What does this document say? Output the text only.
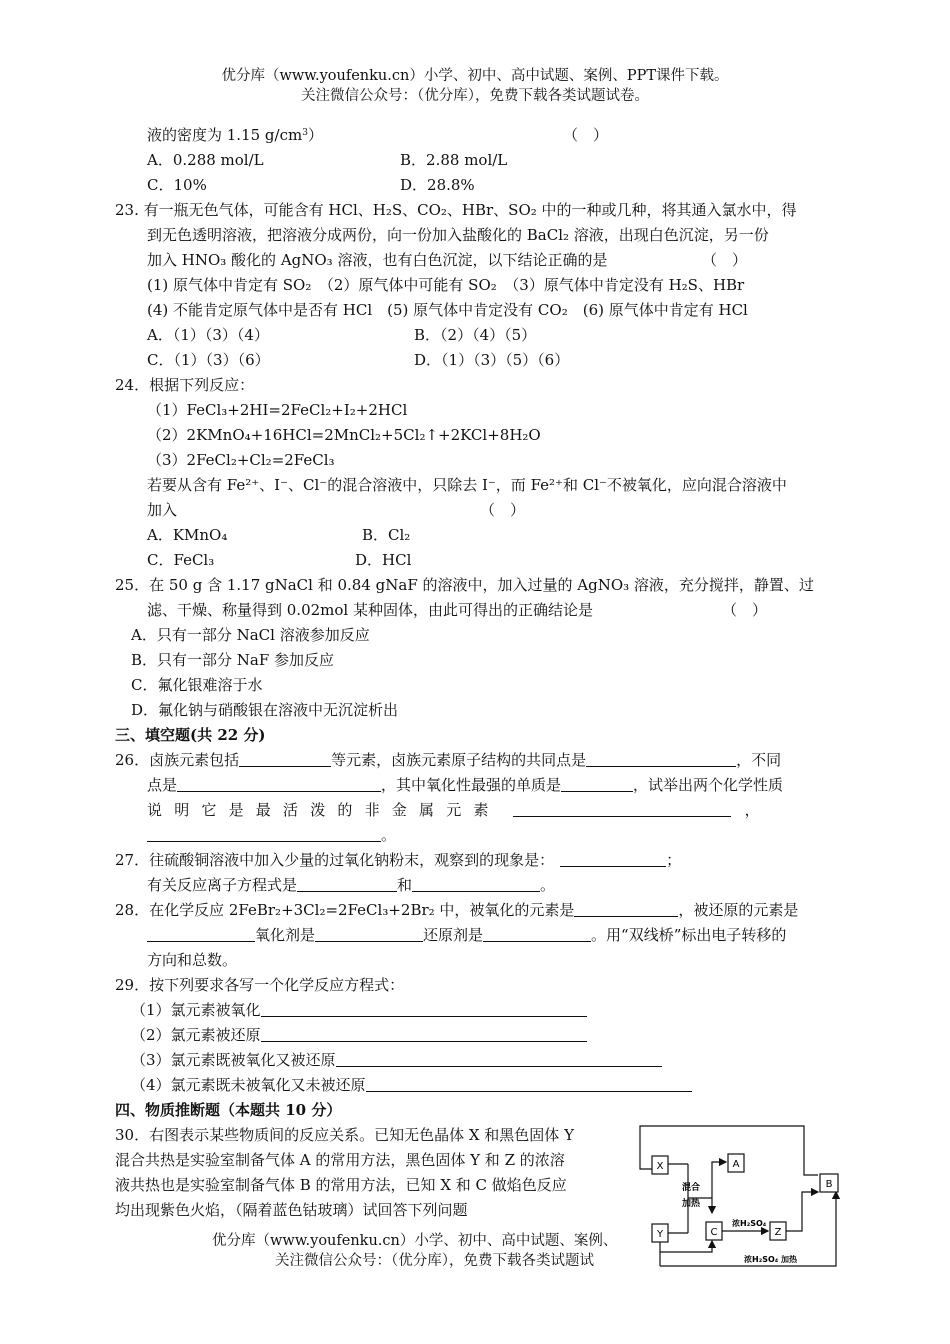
优分库（www.youfenku.cn）小学、初中、高中试题、案例、PPT课件下载。
关注微信公众号：（优分库），免费下载各类试题试卷。
液的密度为 1.15 $g/cm^3$）	（　）
A．0.288 mol/L	B．2.88 mol/L
C．10%	D．28.8%
23. 有一瓶无色气体，可能含有 HCl、H₂S、CO₂、HBr、SO₂ 中的一种或几种，将其通入氯水中，得
到无色透明溶液，把溶液分成两份，向一份加入盐酸化的 BaCl₂ 溶液，出现白色沉淀，另一份
加入 HNO₃ 酸化的 AgNO₃ 溶液，也有白色沉淀，以下结论正确的是	（　）
(1) 原气体中肯定有 SO₂　（2）原气体中可能有 SO₂　（3）原气体中肯定没有 H₂S、HBr
(4) 不能肯定原气体中是否有 HCl　(5) 原气体中肯定没有 CO₂　(6) 原气体中肯定有 HCl
A．（1）（3）（4）	B．（2）（4）（5）
C．（1）（3）（6）	D．（1）（3）（5）（6）
24．根据下列反应：
（1）FeCl₃+2HI=2FeCl₂+I₂+2HCl
（2）2KMnO₄+16HCl=2MnCl₂+5Cl₂↑+2KCl+8H₂O
（3）2FeCl₂+Cl₂=2FeCl₃
若要从含有 Fe²⁺、I⁻、Cl⁻的混合溶液中，只除去 I⁻，而 Fe²⁺和 Cl⁻不被氧化，应向混合溶液中
加入	（　）
A．KMnO₄	B．Cl₂
C．FeCl₃	D．HCl
25．在 50 g 含 1.17 gNaCl 和 0.84 gNaF 的溶液中，加入过量的 AgNO₃ 溶液，充分搅拌，静置、过
滤、干燥、称量得到 0.02mol 某种固体，由此可得出的正确结论是	（　）
A．只有一部分 NaCl 溶液参加反应
B．只有一部分 NaF 参加反应
C．氟化银难溶于水
D．氟化钠与硝酸银在溶液中无沉淀析出
三、填空题(共 22 分)
26．卤族元素包括	等元素，卤族元素原子结构的共同点是	，不同
点是	，其中氧化性最强的单质是	，试举出两个化学性质
说明它是最活泼的非金属元素	，
。
27．往硫酸铜溶液中加入少量的过氧化钠粉末，观察到的现象是：	；
有关反应离子方程式是	和	。
28．在化学反应 2FeBr₂+3Cl₂=2FeCl₃+2Br₂ 中，被氧化的元素是	，被还原的元素是
氧化剂是	还原剂是	。用“双线桥”标出电子转移的
方向和总数。
29．按下列要求各写一个化学反应方程式：
（1）氯元素被氧化
（2）氯元素被还原
（3）氯元素既被氧化又被还原
（4）氯元素既未被氧化又未被还原
四、物质推断题（本题共 10 分）
30．右图表示某些物质间的反应关系。已知无色晶体 X 和黑色固体 Y
混合共热是实验室制备气体 A 的常用方法，黑色固体 Y 和 Z 的浓溶
液共热也是实验室制备气体 B 的常用方法，已知 X 和 C 做焰色反应
均出现紫色火焰，（隔着蓝色钴玻璃）试回答下列问题
优分库（www.youfenku.cn）小学、初中、高中试题、案例、
关注微信公众号：（优分库），免费下载各类试题试
X	A
B
Y	C	Z
混合
加热
浓H₂SO₄
浓H₂SO₄ 加热
